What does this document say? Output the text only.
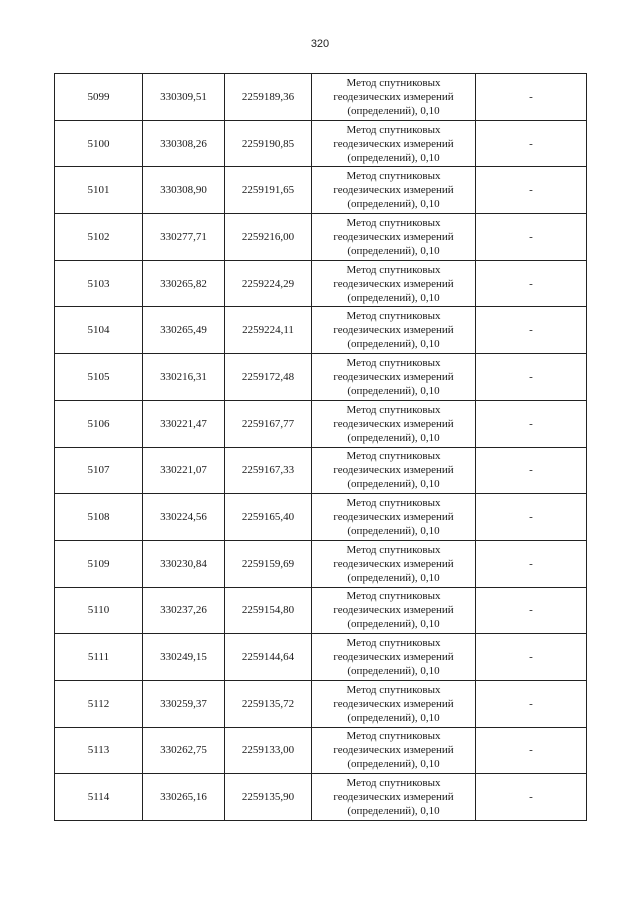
320
5099	330309,51	2259189,36	Метод спутниковых
геодезических измерений
(определений), 0,10	-
5100	330308,26	2259190,85	Метод спутниковых
геодезических измерений
(определений), 0,10	-
5101	330308,90	2259191,65	Метод спутниковых
геодезических измерений
(определений), 0,10	-
5102	330277,71	2259216,00	Метод спутниковых
геодезических измерений
(определений), 0,10	-
5103	330265,82	2259224,29	Метод спутниковых
геодезических измерений
(определений), 0,10	-
5104	330265,49	2259224,11	Метод спутниковых
геодезических измерений
(определений), 0,10	-
5105	330216,31	2259172,48	Метод спутниковых
геодезических измерений
(определений), 0,10	-
5106	330221,47	2259167,77	Метод спутниковых
геодезических измерений
(определений), 0,10	-
5107	330221,07	2259167,33	Метод спутниковых
геодезических измерений
(определений), 0,10	-
5108	330224,56	2259165,40	Метод спутниковых
геодезических измерений
(определений), 0,10	-
5109	330230,84	2259159,69	Метод спутниковых
геодезических измерений
(определений), 0,10	-
5110	330237,26	2259154,80	Метод спутниковых
геодезических измерений
(определений), 0,10	-
5111	330249,15	2259144,64	Метод спутниковых
геодезических измерений
(определений), 0,10	-
5112	330259,37	2259135,72	Метод спутниковых
геодезических измерений
(определений), 0,10	-
5113	330262,75	2259133,00	Метод спутниковых
геодезических измерений
(определений), 0,10	-
5114	330265,16	2259135,90	Метод спутниковых
геодезических измерений
(определений), 0,10	-
